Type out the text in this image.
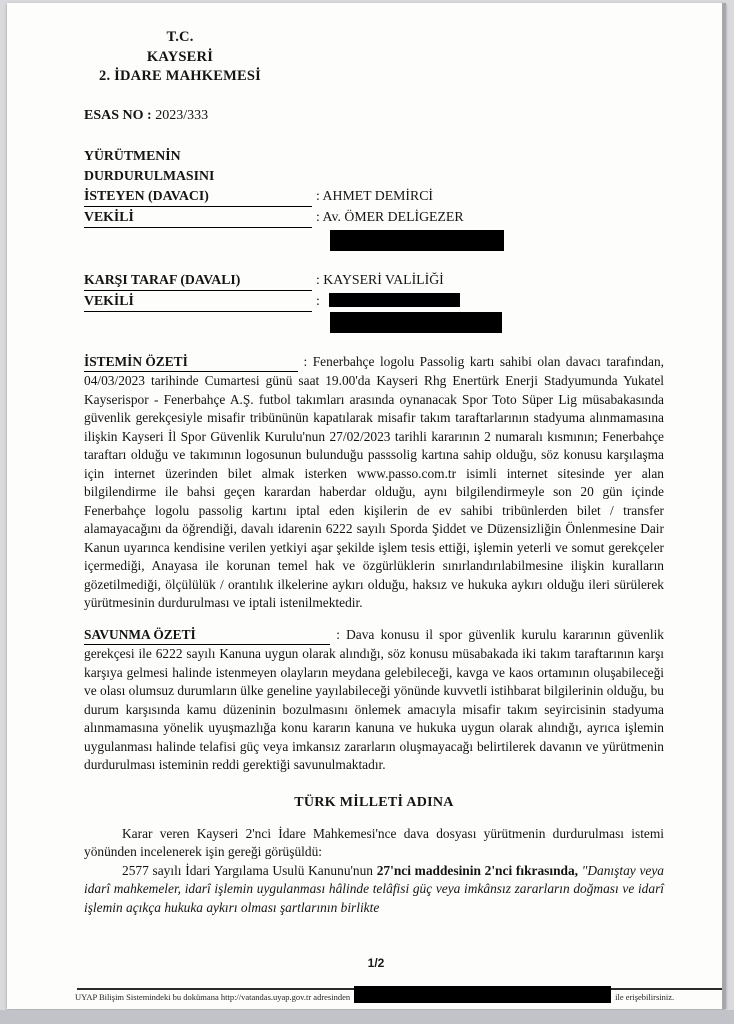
T.C.
KAYSERİ
2. İDARE MAHKEMESİ
ESAS NO : 2023/333
YÜRÜTMENİN DURDURULMASINI
İSTEYEN (DAVACI)	: AHMET DEMİRCİ
VEKİLİ	: Av. ÖMER DELİGEZER
KARŞI TARAF (DAVALI)	: KAYSERİ VALİLİĞİ
VEKİLİ	:

İSTEMİN ÖZETİ	: Fenerbahçe logolu Passolig kartı sahibi olan davacı tarafından, 04/03/2023 tarihinde Cumartesi günü saat 19.00'da Kayseri Rhg Enertürk Enerji Stadyumunda Yukatel Kayserispor - Fenerbahçe A.Ş. futbol takımları arasında oynanacak Spor Toto Süper Lig müsabakasında güvenlik gerekçesiyle misafir tribününün kapatılarak misafir takım taraftarlarının stadyuma alınmamasına ilişkin Kayseri İl Spor Güvenlik Kurulu'nun 27/02/2023 tarihli kararının 2 numaralı kısmının; Fenerbahçe taraftarı olduğu ve takımının logosunun bulunduğu passsolig kartına sahip olduğu, söz konusu karşılaşma için internet üzerinden bilet almak isterken www.passo.com.tr isimli internet sitesinde yer alan bilgilendirme ile bahsi geçen karardan haberdar olduğu, aynı bilgilendirmeyle son 20 gün içinde Fenerbahçe logolu passolig kartını iptal eden kişilerin de ev sahibi tribünlerden bilet / transfer alamayacağını da öğrendiği, davalı idarenin 6222 sayılı Sporda Şiddet ve Düzensizliğin Önlenmesine Dair Kanun uyarınca kendisine verilen yetkiyi aşar şekilde işlem tesis ettiği, işlemin yeterli ve somut gerekçeler içermediği, Anayasa ile korunan temel hak ve özgürlüklerin sınırlandırılabilmesine ilişkin kuralların gözetilmediği, ölçülülük / orantılık ilkelerine aykırı olduğu, haksız ve hukuka aykırı olduğu ileri sürülerek yürütmesinin durdurulması ve iptali istenilmektedir.

SAVUNMA ÖZETİ	: Dava konusu il spor güvenlik kurulu kararının güvenlik gerekçesi ile 6222 sayılı Kanuna uygun olarak alındığı, söz konusu müsabakada iki takım taraftarının karşı karşıya gelmesi halinde istenmeyen olayların meydana gelebileceği, kavga ve kaos ortamının oluşabileceği ve olası olumsuz durumların ülke geneline yayılabileceği yönünde kuvvetli istihbarat bilgilerinin olduğu, bu durum karşısında kamu düzeninin bozulmasını önlemek amacıyla misafir takım seyircisinin stadyuma alınmamasına yönelik uyuşmazlığa konu kararın kanuna ve hukuka uygun olarak alındığı, ayrıca işlemin uygulanması halinde telafisi güç veya imkansız zararların oluşmayacağı belirtilerek davanın ve yürütmenin durdurulması isteminin reddi gerektiği savunulmaktadır.

TÜRK MİLLETİ ADINA

Karar veren Kayseri 2'nci İdare Mahkemesi'nce dava dosyası yürütmenin durdurulması istemi yönünden incelenerek işin gereği görüşüldü:

2577 sayılı İdari Yargılama Usulü Kanunu'nun 27'nci maddesinin 2'nci fıkrasında, "Danıştay veya idarî mahkemeler, idarî işlemin uygulanması hâlinde telâfisi güç veya imkânsız zararların doğması ve idarî işlemin açıkça hukuka aykırı olması şartlarının birlikte

1/2
UYAP Bilişim Sistemindeki bu dokümana http://vatandas.uyap.gov.tr adresinden	ile erişebilirsiniz.
